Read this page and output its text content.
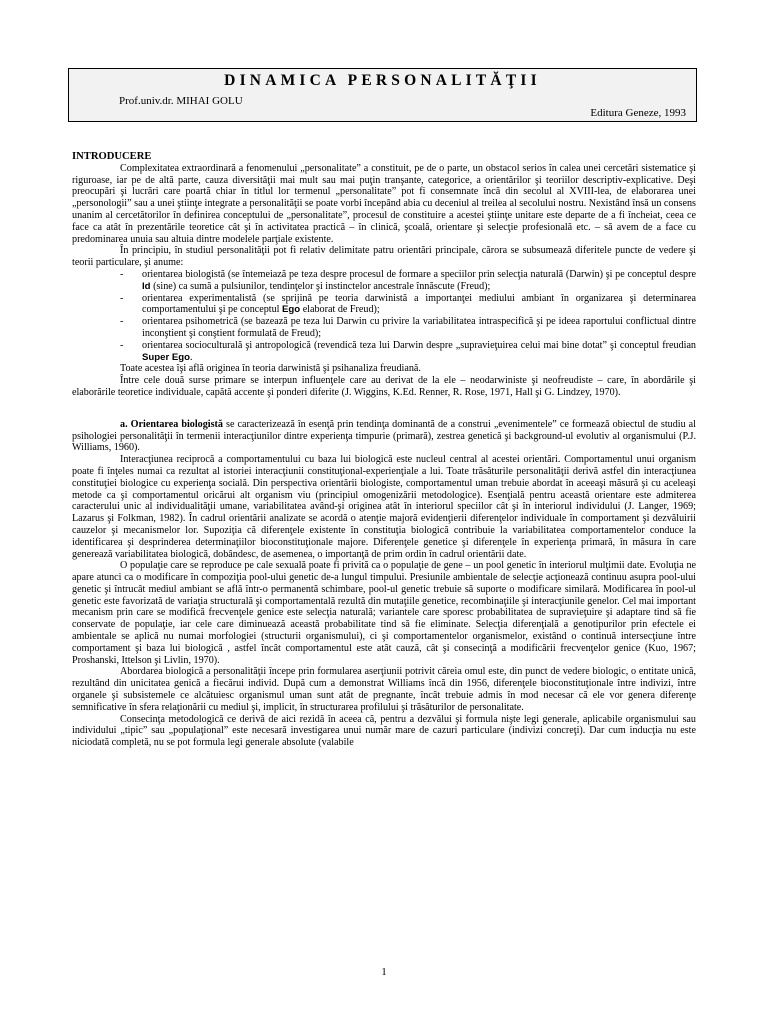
DINAMICA PERSONALITĂŢII
Prof.univ.dr. MIHAI GOLU
Editura Geneze, 1993
INTRODUCERE

Complexitatea extraordinară a fenomenului „personalitate” a constituit, pe de o parte, un obstacol serios în calea unei cercetări sistematice şi riguroase, iar pe de altă parte, cauza diversităţii mai mult sau mai puţin tranşante, categorice, a orientărilor şi teoriilor descriptiv-explicative. Deşi preocupări şi lucrări care poartă chiar în titlul lor termenul „personalitate” pot fi consemnate încă din secolul al XVIII-lea, de elaborarea unei „personologii” sau a unei ştiinţe integrate a personalităţii se poate vorbi începând abia cu deceniul al treilea al secolului nostru. Nexistând însă un consens unanim al cercetătorilor în definirea conceptului de „personalitate”, procesul de constituire a acestei ştiinţe unitare este departe de a fi încheiat, ceea ce face ca atât în prezentările teoretice cât şi în activitatea practică – în clinică, şcoală, orientare şi selecţie profesională etc. – să avem de a face cu predominarea unuia sau altuia dintre modelele parţiale existente.

În principiu, în studiul personalităţii pot fi relativ delimitate patru orientări principale, cărora se subsumează diferitele puncte de vedere şi teorii particulare, şi anume:

- orientarea biologistă (se întemeiază pe teza despre procesul de formare a speciilor prin selecţia naturală (Darwin) şi pe conceptul despre Id (sine) ca sumă a pulsiunilor, tendinţelor şi instinctelor ancestrale înnăscute (Freud);
- orientarea experimentalistă (se sprijină pe teoria darwinistă a importanţei mediului ambiant în organizarea şi determinarea comportamentului şi pe conceptul Ego elaborat de Freud);
- orientarea psihometrică (se bazează pe teza lui Darwin cu privire la variabilitatea intraspecifică şi pe ideea raportului conflictual dintre inconştient şi conştient formulată de Freud);
- orientarea socioculturală şi antropologică (revendică teza lui Darwin despre „supravieţuirea celui mai bine dotat” şi conceptul freudian Super Ego.

Toate acestea îşi află originea în teoria darwinistă şi psihanaliza freudiană.

Între cele două surse primare se interpun influenţele care au derivat de la ele – neodarwiniste şi neofreudiste – care, în abordările şi elaborările teoretice individuale, capătă accente şi ponderi diferite (J. Wiggins, K.Ed. Renner, R. Rose, 1971, Hall şi G. Lindzey, 1970).

a. Orientarea biologistă se caracterizează în esenţă prin tendinţa dominantă de a construi „evenimentele” ce formează obiectul de studiu al psihologiei personalităţii în termenii interacţiunilor dintre experienţa timpurie (primară), zestrea genetică şi background-ul evolutiv al organismului (P.J. Williams, 1960).

Interacţiunea reciprocă a comportamentului cu baza lui biologică este nucleul central al acestei orientări. Comportamentul unui organism poate fi înţeles numai ca rezultat al istoriei interacţiunii constituţional-experienţiale a lui. Toate trăsăturile personalităţii derivă astfel din interacţiunea constituţiei biologice cu experienţa socială. Din perspectiva orientării biologiste, comportamentul uman trebuie abordat în aceeaşi măsură şi cu aceleaşi metode ca şi comportamentul oricărui alt organism viu (principiul omogenizării metodologice). Esenţială pentru această orientare este admiterea caracterului unic al individualităţii umane, variabilitatea având-şi originea atât în interiorul speciilor cât şi în interiorul individului (J. Langer, 1969; Lazarus şi Folkman, 1982). În cadrul orientării analizate se acordă o atenţie majoră evidenţierii diferenţelor individuale în comportament şi dezvăluirii cauzelor şi mecanismelor lor. Supoziţia că diferenţele existente în constituţia biologică contribuie la variabilitatea comportamentelor conduce la identificarea şi desprinderea determinaţiilor bioconstituţionale majore. Diferenţele genetice şi diferenţele în experienţa primară, în măsura în care generează variabilitatea biologică, dobândesc, de asemenea, o importanţă de prim ordin în cadrul orientării date.

O populaţie care se reproduce pe cale sexuală poate fi privită ca o populaţie de gene – un pool genetic în interiorul mulţimii date. Evoluţia ne apare atunci ca o modificare în compoziţia pool-ului genetic de-a lungul timpului. Presiunile ambientale de selecţie acţionează continuu asupra pool-ului genetic şi întrucât mediul ambiant se află într-o permanentă schimbare, pool-ul genetic trebuie să suporte o modificare similară. Modificarea în pool-ul genetic este favorizată de variaţia structurală şi comportamentală rezultă din mutaţiile genetice, recombinaţiile şi interacţiunile genelor. Cel mai important mecanism prin care se modifică frecvenţele genice este selecţia naturală; variantele care sporesc probabilitatea de supravieţuire şi adaptare tind să fie conservate de populaţie, iar cele care diminuează această probabilitate tind să fie eliminate. Selecţia diferenţială a genotipurilor prin efectele ei ambientale se aplică nu numai morfologiei (structurii organismului), ci şi comportamentelor organismelor, existând o continuă intersecţiune între comportament şi baza lui biologică , astfel încât comportamentul este atât cauză, cât şi consecinţă a modificării frecvenţelor genice (Kuo, 1967; Proshanski, Ittelson şi Livlin, 1970).

Abordarea biologică a personalităţii începe prin formularea aserţiunii potrivit căreia omul este, din punct de vedere biologic, o entitate unică, rezultând din unicitatea genică a fiecărui individ. După cum a demonstrat Williams încă din 1956, diferenţele bioconstituţionale între indivizi, între organele şi subsistemele ce alcătuiesc organismul uman sunt atât de pregnante, încât trebuie admis în mod necesar că ele vor genera diferenţe semnificative în sfera relaţionării cu mediul şi, implicit, în structurarea profilului şi trăsăturilor de personalitate.

Consecinţa metodologică ce derivă de aici rezidă în aceea că, pentru a dezvălui şi formula nişte legi generale, aplicabile organismului sau individului „tipic” sau „populaţional” este necesară investigarea unui număr mare de cazuri particulare (indivizi concreţi). Dar cum inducţia nu este niciodată completă, nu se pot formula legi generale absolute (valabile

1
